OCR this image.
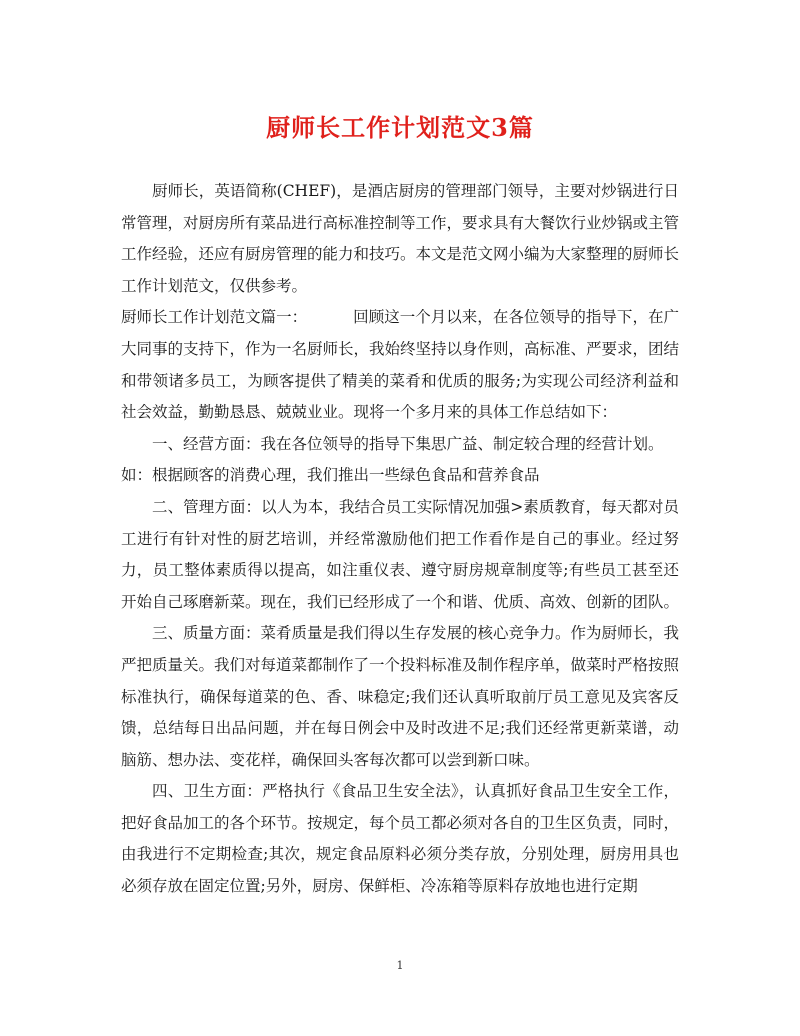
厨师长工作计划范文3篇

厨师长，英语简称(CHEF)，是酒店厨房的管理部门领导，主要对炒锅进行日常管理，对厨房所有菜品进行高标准控制等工作，要求具有大餐饮行业炒锅或主管工作经验，还应有厨房管理的能力和技巧。本文是范文网小编为大家整理的厨师长工作计划范文，仅供参考。

厨师长工作计划范文篇一：	回顾这一个月以来，在各位领导的指导下，在广大同事的支持下，作为一名厨师长，我始终坚持以身作则，高标准、严要求，团结和带领诸多员工，为顾客提供了精美的菜肴和优质的服务;为实现公司经济利益和社会效益，勤勤恳恳、兢兢业业。现将一个多月来的具体工作总结如下：

一、经营方面：我在各位领导的指导下集思广益、制定较合理的经营计划。

如：根据顾客的消费心理，我们推出一些绿色食品和营养食品

二、管理方面：以人为本，我结合员工实际情况加强>素质教育，每天都对员工进行有针对性的厨艺培训，并经常激励他们把工作看作是自己的事业。经过努力，员工整体素质得以提高，如注重仪表、遵守厨房规章制度等;有些员工甚至还开始自己琢磨新菜。现在，我们已经形成了一个和谐、优质、高效、创新的团队。

三、质量方面：菜肴质量是我们得以生存发展的核心竞争力。作为厨师长，我严把质量关。我们对每道菜都制作了一个投料标准及制作程序单，做菜时严格按照标准执行，确保每道菜的色、香、味稳定;我们还认真听取前厅员工意见及宾客反馈，总结每日出品问题，并在每日例会中及时改进不足;我们还经常更新菜谱，动脑筋、想办法、变花样，确保回头客每次都可以尝到新口味。

四、卫生方面：严格执行《食品卫生安全法》，认真抓好食品卫生安全工作，把好食品加工的各个环节。按规定，每个员工都必须对各自的卫生区负责，同时，由我进行不定期检查;其次，规定食品原料必须分类存放，分别处理，厨房用具也必须存放在固定位置;另外，厨房、保鲜柜、冷冻箱等原料存放地也进行定期

1
